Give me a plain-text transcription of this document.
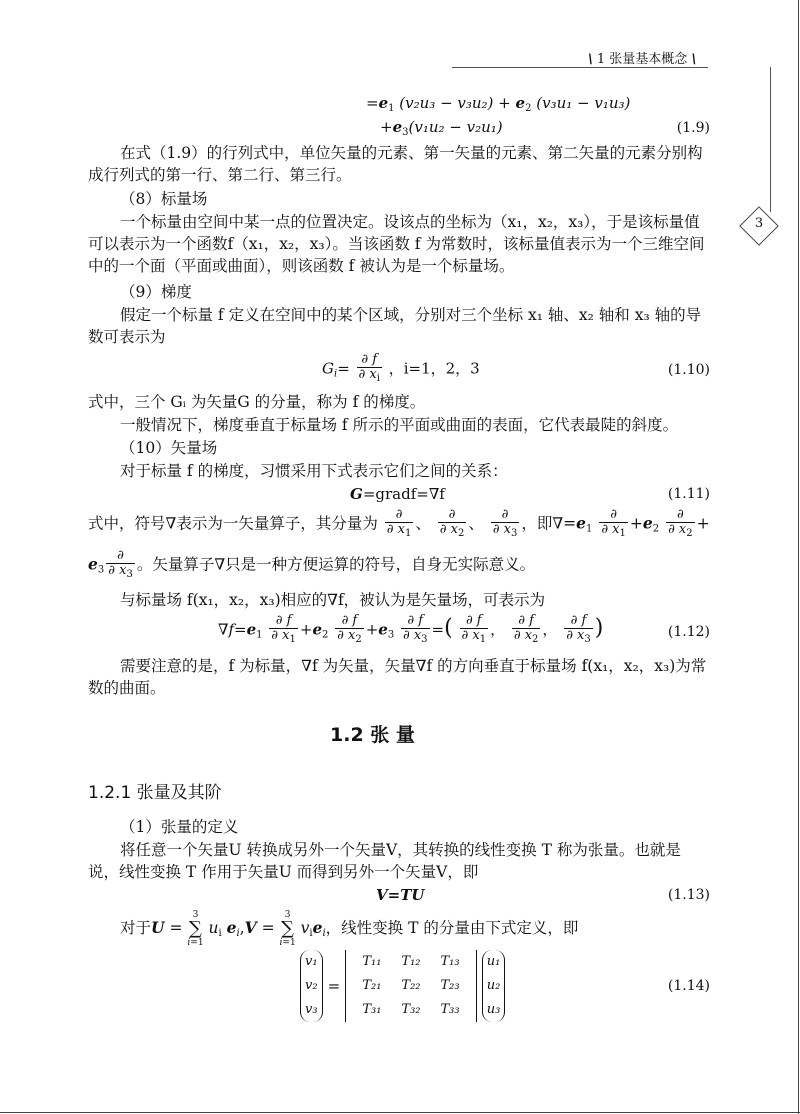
\ 1 张量基本概念 \
3
$=e_1$ $(v_2u_3 - v_3u_2) + e_2$ (v₃u₁ − v₁u₃)
$+e_3(v_1u_2 - v_2u_1)$	(1.9)
在式（1.9）的行列式中，单位矢量的元素、第一矢量的元素、第二矢量的元素分别构成行列式的第一行、第二行、第三行。
（8）标量场
一个标量由空间中某一点的位置决定。设该点的坐标为（x₁，x₂，x₃），于是该标量值可以表示为一个函数f（x₁，x₂，x₃）。当该函数 f 为常数时，该标量值表示为一个三维空间中的一个面（平面或曲面），则该函数 f 被认为是一个标量场。
（9）梯度
假定一个标量 f 定义在空间中的某个区域，分别对三个坐标 x₁ 轴、x₂ 轴和 x₃ 轴的导数可表示为
$G_i= \frac{\partial f}{\partial x_i}$ ，i=1，2，3	(1.10)
式中，三个 Gᵢ 为矢量G 的分量，称为 f 的梯度。
一般情况下，梯度垂直于标量场 f 所示的平面或曲面的表面，它代表最陡的斜度。
（10）矢量场
对于标量 f 的梯度，习惯采用下式表示它们之间的关系：
G=gradf=∇f	(1.11)
式中，符号∇表示为一矢量算子，其分量为 $\frac{\partial}{\partial x_1}$ 、 $\frac{\partial}{\partial x_2}$ 、 $\frac{\partial}{\partial x_3}$ ，即$\nabla=e_1 \frac{\partial}{\partial x_1} +e_2 \frac{\partial}{\partial x_2}$ +
$e_3 \frac{\partial}{\partial x_3}$ 。矢量算子∇只是一种方便运算的符号，自身无实际意义。
与标量场 f(x₁，x₂，x₃)相应的∇f，被认为是矢量场，可表示为
$\nabla f=e_1 \frac{\partial f}{\partial x_1} +e_2 \frac{\partial f}{\partial x_2} +e_3 \frac{\partial f}{\partial x_3}$ =( $\frac{\partial f}{\partial x_1}$ ， $\frac{\partial f}{\partial x_2}$ ， $\frac{\partial f}{\partial x_3}$ )	(1.12)
需要注意的是，f 为标量，∇f 为矢量，矢量∇f 的方向垂直于标量场 f(x₁，x₂，x₃)为常数的曲面。
1.2 张 量
1.2.1 张量及其阶
（1）张量的定义
将任意一个矢量U 转换成另外一个矢量V，其转换的线性变换 T 称为张量。也就是说，线性变换 T 作用于矢量U 而得到另外一个矢量V，即
V=TU	(1.13)
对于U = 3
∑
i=1 $u_i$ $e_i,V = 3$
∑
i=1 $v_ie_i$，线性变换 T 的分量由下式定义，即
v₁
v₂
v₃
=
T₁₁	T₁₂	T₁₃
T₂₁	T₂₂	T₂₃
T₃₁	T₃₂	T₃₃

u₁
u₂
u₃
(1.14)
